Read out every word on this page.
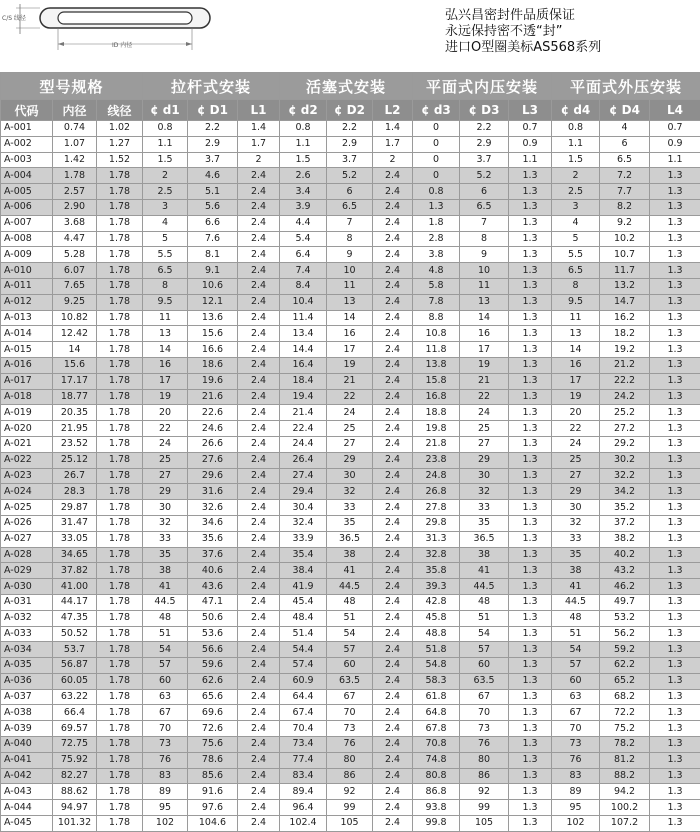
C/S 线径
ID 内径
弘兴昌密封件品质保证
永远保持密不透“封”
进口O型圈美标AS568系列
型号规格			拉杆式安装			活塞式安装			平面式内压安装			平面式外压安装		
代码	内径	线径	¢ d1	¢ D1	L1	¢ d2	¢ D2	L2	¢ d3	¢ D3	L3	¢ d4	¢ D4	L4
A-001	0.74	1.02	0.8	2.2	1.4	0.8	2.2	1.4	0	2.2	0.7	0.8	4	0.7
A-002	1.07	1.27	1.1	2.9	1.7	1.1	2.9	1.7	0	2.9	0.9	1.1	6	0.9
A-003	1.42	1.52	1.5	3.7	2	1.5	3.7	2	0	3.7	1.1	1.5	6.5	1.1
A-004	1.78	1.78	2	4.6	2.4	2.6	5.2	2.4	0	5.2	1.3	2	7.2	1.3
A-005	2.57	1.78	2.5	5.1	2.4	3.4	6	2.4	0.8	6	1.3	2.5	7.7	1.3
A-006	2.90	1.78	3	5.6	2.4	3.9	6.5	2.4	1.3	6.5	1.3	3	8.2	1.3
A-007	3.68	1.78	4	6.6	2.4	4.4	7	2.4	1.8	7	1.3	4	9.2	1.3
A-008	4.47	1.78	5	7.6	2.4	5.4	8	2.4	2.8	8	1.3	5	10.2	1.3
A-009	5.28	1.78	5.5	8.1	2.4	6.4	9	2.4	3.8	9	1.3	5.5	10.7	1.3
A-010	6.07	1.78	6.5	9.1	2.4	7.4	10	2.4	4.8	10	1.3	6.5	11.7	1.3
A-011	7.65	1.78	8	10.6	2.4	8.4	11	2.4	5.8	11	1.3	8	13.2	1.3
A-012	9.25	1.78	9.5	12.1	2.4	10.4	13	2.4	7.8	13	1.3	9.5	14.7	1.3
A-013	10.82	1.78	11	13.6	2.4	11.4	14	2.4	8.8	14	1.3	11	16.2	1.3
A-014	12.42	1.78	13	15.6	2.4	13.4	16	2.4	10.8	16	1.3	13	18.2	1.3
A-015	14	1.78	14	16.6	2.4	14.4	17	2.4	11.8	17	1.3	14	19.2	1.3
A-016	15.6	1.78	16	18.6	2.4	16.4	19	2.4	13.8	19	1.3	16	21.2	1.3
A-017	17.17	1.78	17	19.6	2.4	18.4	21	2.4	15.8	21	1.3	17	22.2	1.3
A-018	18.77	1.78	19	21.6	2.4	19.4	22	2.4	16.8	22	1.3	19	24.2	1.3
A-019	20.35	1.78	20	22.6	2.4	21.4	24	2.4	18.8	24	1.3	20	25.2	1.3
A-020	21.95	1.78	22	24.6	2.4	22.4	25	2.4	19.8	25	1.3	22	27.2	1.3
A-021	23.52	1.78	24	26.6	2.4	24.4	27	2.4	21.8	27	1.3	24	29.2	1.3
A-022	25.12	1.78	25	27.6	2.4	26.4	29	2.4	23.8	29	1.3	25	30.2	1.3
A-023	26.7	1.78	27	29.6	2.4	27.4	30	2.4	24.8	30	1.3	27	32.2	1.3
A-024	28.3	1.78	29	31.6	2.4	29.4	32	2.4	26.8	32	1.3	29	34.2	1.3
A-025	29.87	1.78	30	32.6	2.4	30.4	33	2.4	27.8	33	1.3	30	35.2	1.3
A-026	31.47	1.78	32	34.6	2.4	32.4	35	2.4	29.8	35	1.3	32	37.2	1.3
A-027	33.05	1.78	33	35.6	2.4	33.9	36.5	2.4	31.3	36.5	1.3	33	38.2	1.3
A-028	34.65	1.78	35	37.6	2.4	35.4	38	2.4	32.8	38	1.3	35	40.2	1.3
A-029	37.82	1.78	38	40.6	2.4	38.4	41	2.4	35.8	41	1.3	38	43.2	1.3
A-030	41.00	1.78	41	43.6	2.4	41.9	44.5	2.4	39.3	44.5	1.3	41	46.2	1.3
A-031	44.17	1.78	44.5	47.1	2.4	45.4	48	2.4	42.8	48	1.3	44.5	49.7	1.3
A-032	47.35	1.78	48	50.6	2.4	48.4	51	2.4	45.8	51	1.3	48	53.2	1.3
A-033	50.52	1.78	51	53.6	2.4	51.4	54	2.4	48.8	54	1.3	51	56.2	1.3
A-034	53.7	1.78	54	56.6	2.4	54.4	57	2.4	51.8	57	1.3	54	59.2	1.3
A-035	56.87	1.78	57	59.6	2.4	57.4	60	2.4	54.8	60	1.3	57	62.2	1.3
A-036	60.05	1.78	60	62.6	2.4	60.9	63.5	2.4	58.3	63.5	1.3	60	65.2	1.3
A-037	63.22	1.78	63	65.6	2.4	64.4	67	2.4	61.8	67	1.3	63	68.2	1.3
A-038	66.4	1.78	67	69.6	2.4	67.4	70	2.4	64.8	70	1.3	67	72.2	1.3
A-039	69.57	1.78	70	72.6	2.4	70.4	73	2.4	67.8	73	1.3	70	75.2	1.3
A-040	72.75	1.78	73	75.6	2.4	73.4	76	2.4	70.8	76	1.3	73	78.2	1.3
A-041	75.92	1.78	76	78.6	2.4	77.4	80	2.4	74.8	80	1.3	76	81.2	1.3
A-042	82.27	1.78	83	85.6	2.4	83.4	86	2.4	80.8	86	1.3	83	88.2	1.3
A-043	88.62	1.78	89	91.6	2.4	89.4	92	2.4	86.8	92	1.3	89	94.2	1.3
A-044	94.97	1.78	95	97.6	2.4	96.4	99	2.4	93.8	99	1.3	95	100.2	1.3
A-045	101.32	1.78	102	104.6	2.4	102.4	105	2.4	99.8	105	1.3	102	107.2	1.3
